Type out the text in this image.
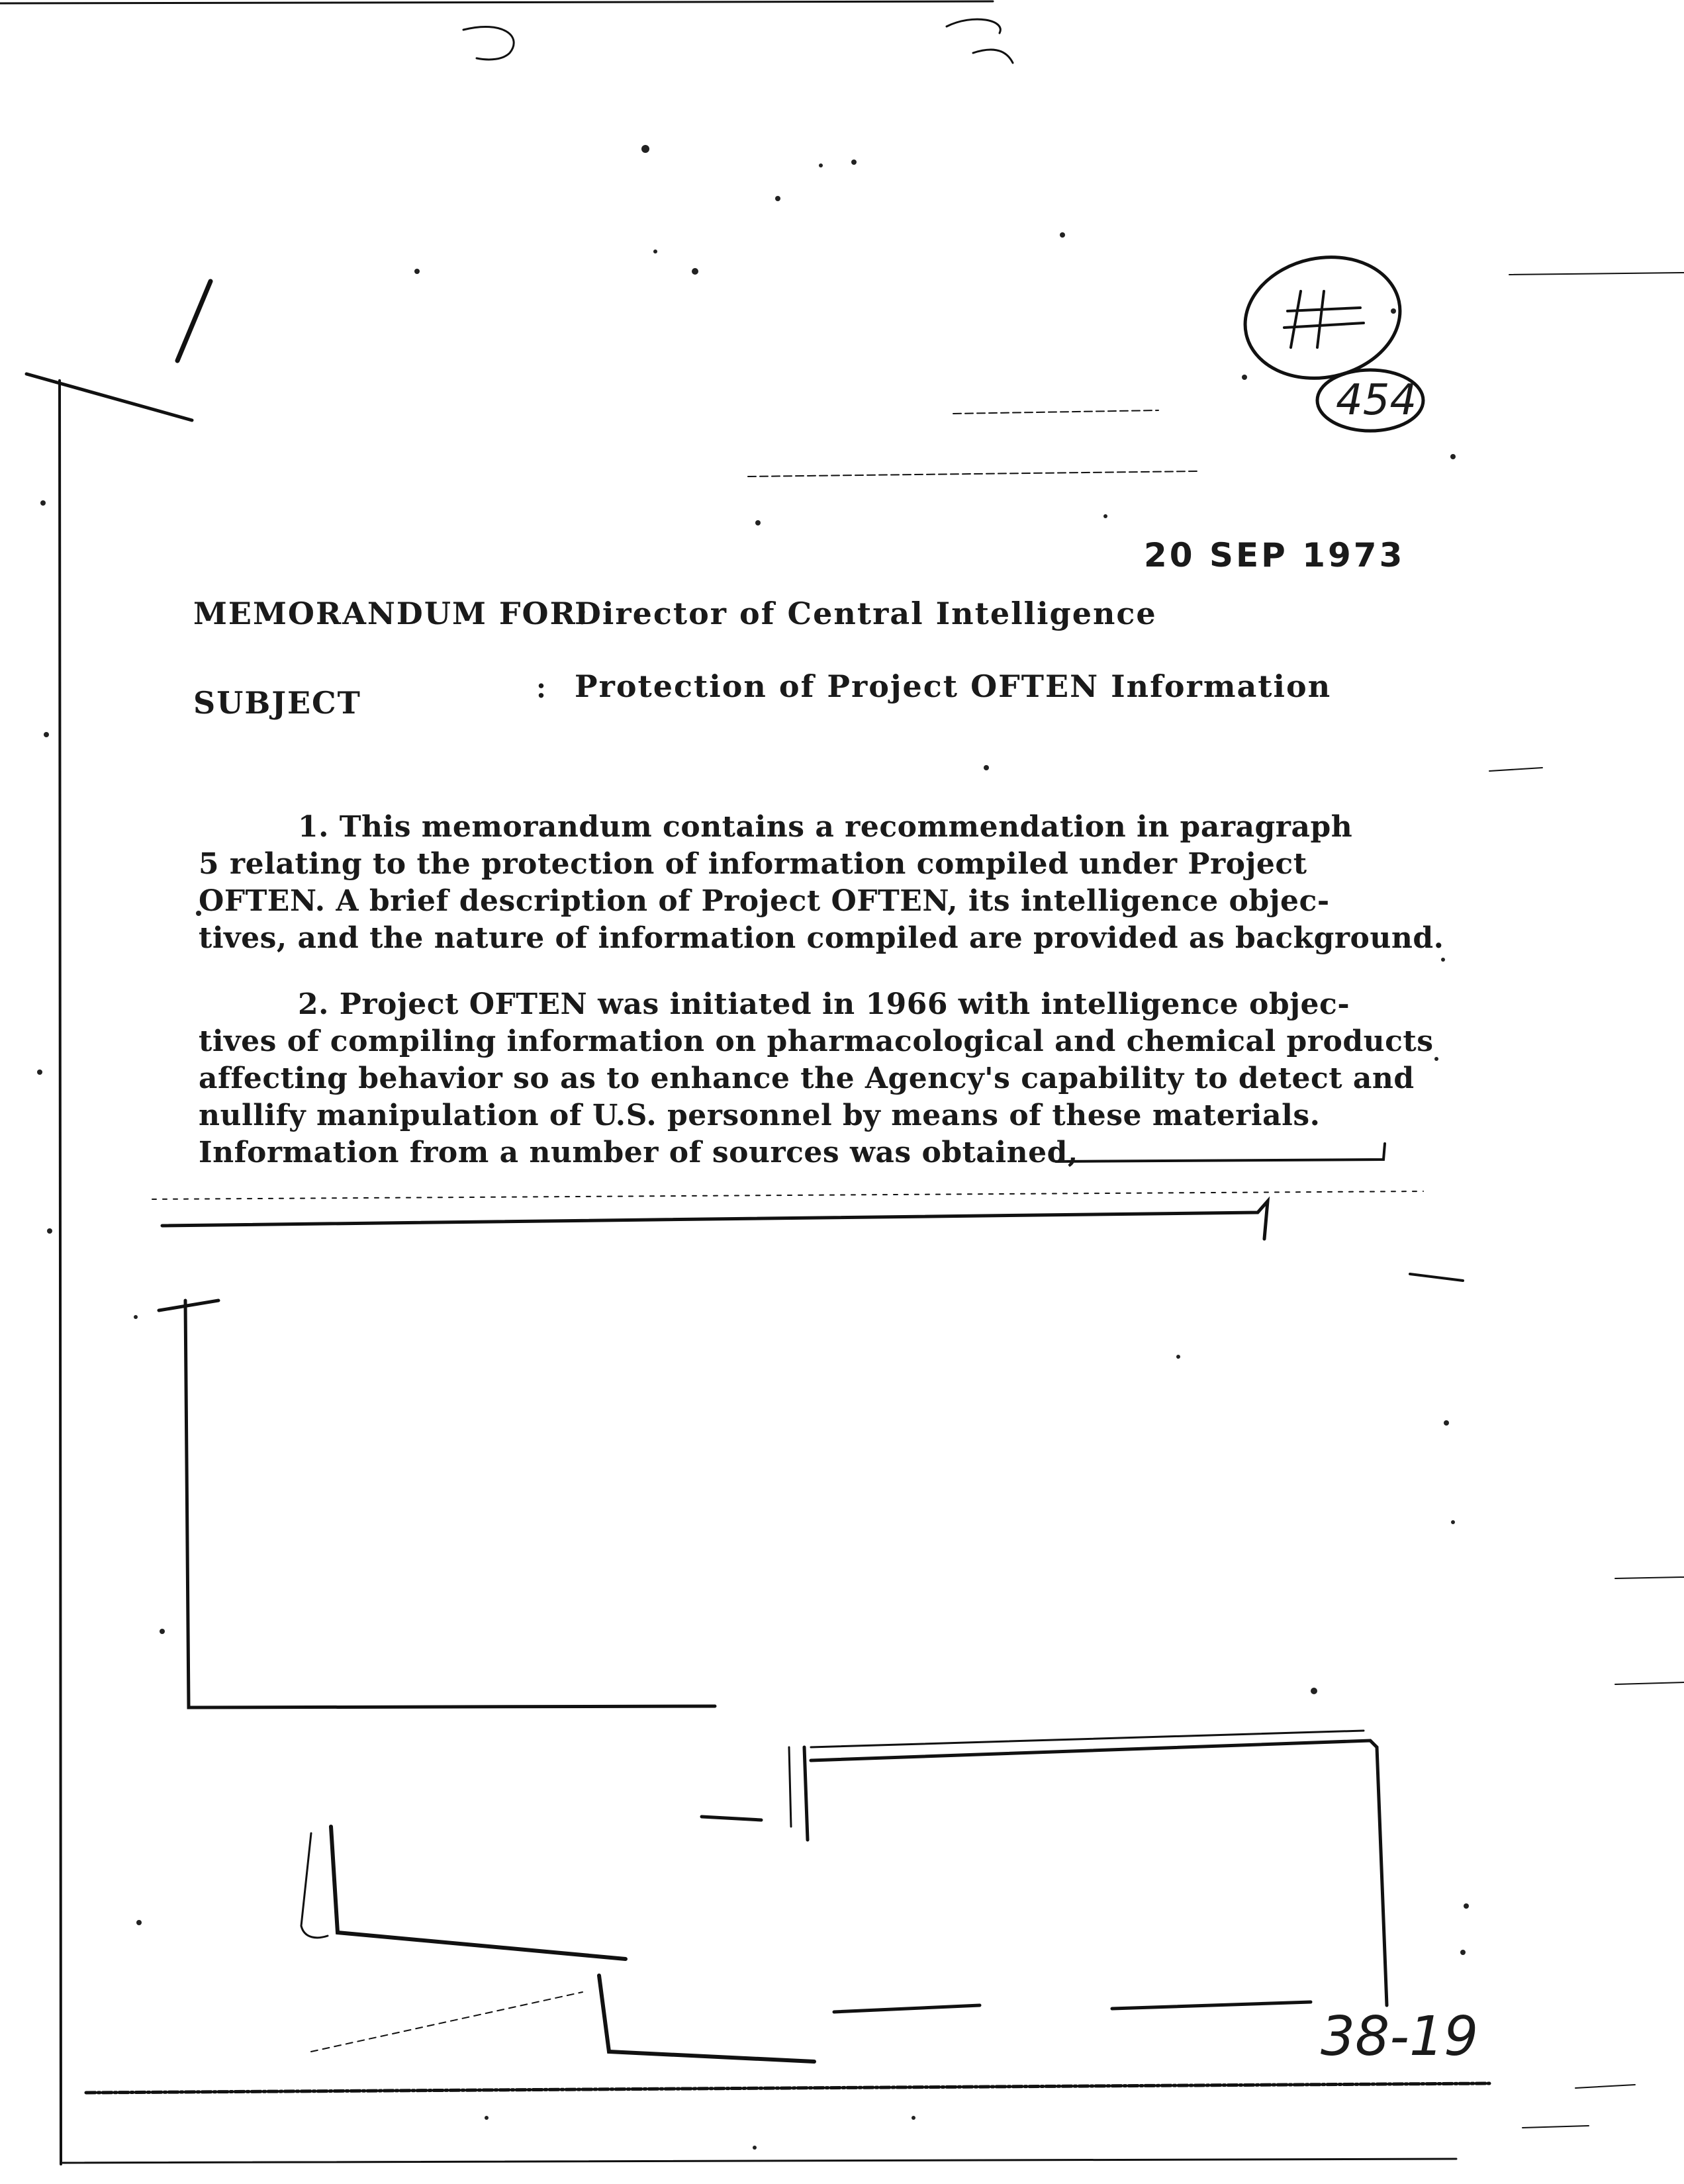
20 SEP 1973
MEMORANDUM FOR:
Director of Central Intelligence
SUBJECT	: Protection of Project OFTEN Information
1. This memorandum contains a recommendation in paragraph
5 relating to the protection of information compiled under Project
OFTEN. A brief description of Project OFTEN, its intelligence objec-
tives, and the nature of information compiled are provided as background.
2. Project OFTEN was initiated in 1966 with intelligence objec-
tives of compiling information on pharmacological and chemical products
affecting behavior so as to enhance the Agency's capability to detect and
nullify manipulation of U.S. personnel by means of these materials.
Information from a number of sources was obtained,
454
38-19
